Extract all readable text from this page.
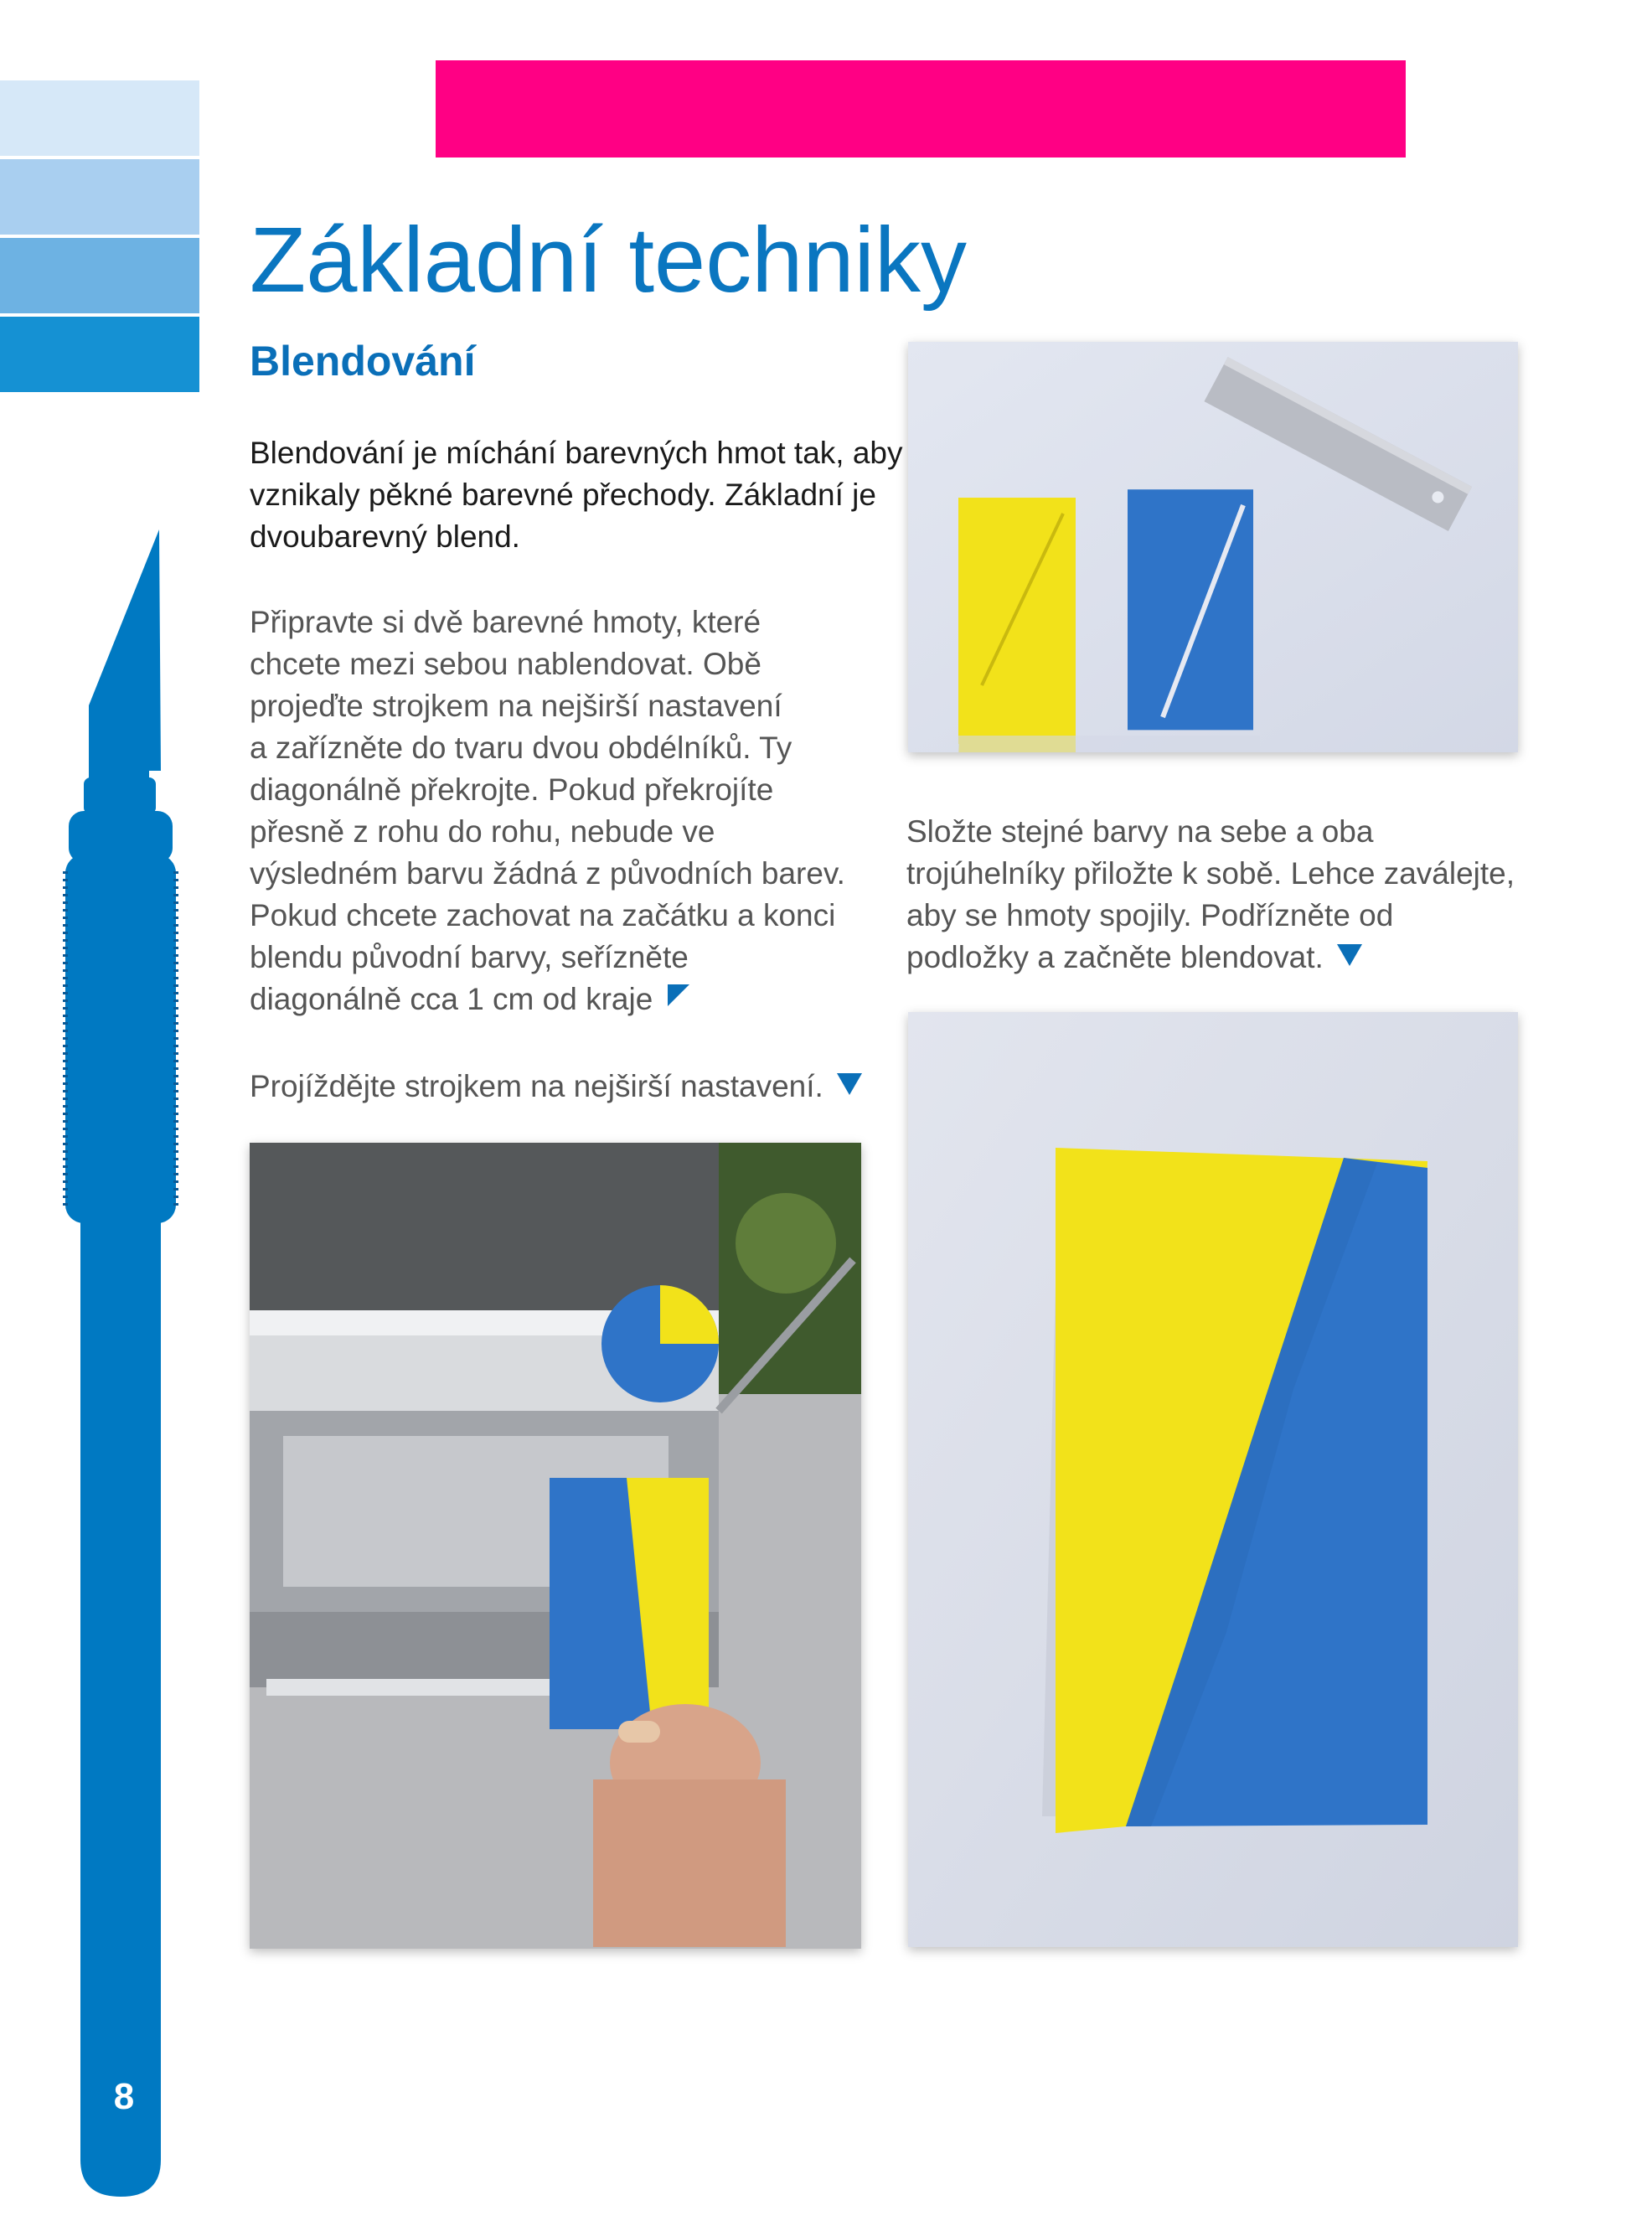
Základní techniky
Blendování

Blendování je míchání barevných hmot tak, aby
vznikaly pěkné barevné přechody. Základní je
dvoubarevný blend.

Připravte si dvě barevné hmoty, které
chcete mezi sebou nablendovat. Obě
projeďte strojkem na nejširší nastavení
a zařízněte do tvaru dvou obdélníků. Ty
diagonálně překrojte. Pokud překrojíte
přesně z rohu do rohu, nebude ve
výsledném barvu žádná z původních barev.
Pokud chcete zachovat na začátku a konci
blendu původní barvy, seřízněte
diagonálně cca 1 cm od kraje

Projíždějte strojkem na nejširší nastavení.

Složte stejné barvy na sebe a oba
trojúhelníky přiložte k sobě. Lehce zaválejte,
aby se hmoty spojily. Podřízněte od
podložky a začněte blendovat.

8
